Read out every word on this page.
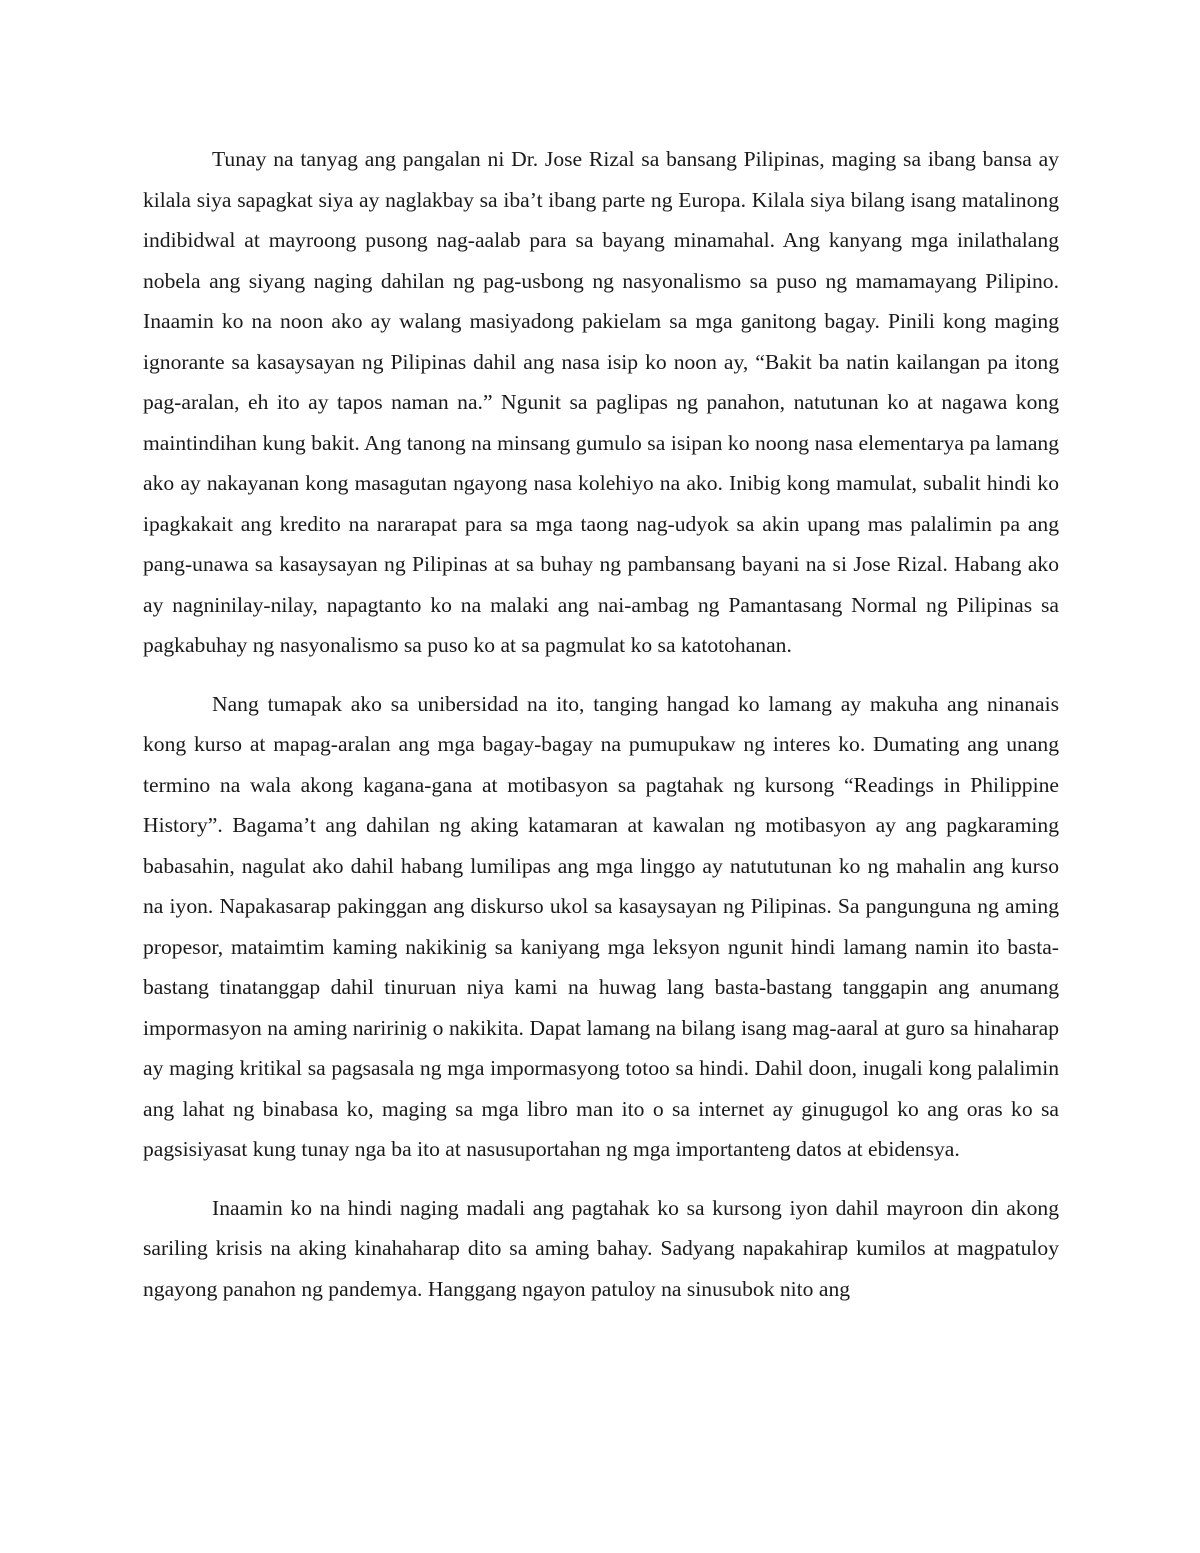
Tunay na tanyag ang pangalan ni Dr. Jose Rizal sa bansang Pilipinas, maging sa ibang bansa ay kilala siya sapagkat siya ay naglakbay sa iba’t ibang parte ng Europa. Kilala siya bilang isang matalinong indibidwal at mayroong pusong nag-aalab para sa bayang minamahal. Ang kanyang mga inilathalang nobela ang siyang naging dahilan ng pag-usbong ng nasyonalismo sa puso ng mamamayang Pilipino. Inaamin ko na noon ako ay walang masiyadong pakielam sa mga ganitong bagay. Pinili kong maging ignorante sa kasaysayan ng Pilipinas dahil ang nasa isip ko noon ay, “Bakit ba natin kailangan pa itong pag-aralan, eh ito ay tapos naman na.” Ngunit sa paglipas ng panahon, natutunan ko at nagawa kong maintindihan kung bakit. Ang tanong na minsang gumulo sa isipan ko noong nasa elementarya pa lamang ako ay nakayanan kong masagutan ngayong nasa kolehiyo na ako. Inibig kong mamulat, subalit hindi ko ipagkakait ang kredito na nararapat para sa mga taong nag-udyok sa akin upang mas palalimin pa ang pang-unawa sa kasaysayan ng Pilipinas at sa buhay ng pambansang bayani na si Jose Rizal. Habang ako ay nagninilay-nilay, napagtanto ko na malaki ang nai-ambag ng Pamantasang Normal ng Pilipinas sa pagkabuhay ng nasyonalismo sa puso ko at sa pagmulat ko sa katotohanan.

Nang tumapak ako sa unibersidad na ito, tanging hangad ko lamang ay makuha ang ninanais kong kurso at mapag-aralan ang mga bagay-bagay na pumupukaw ng interes ko. Dumating ang unang termino na wala akong kagana-gana at motibasyon sa pagtahak ng kursong “Readings in Philippine History”. Bagama’t ang dahilan ng aking katamaran at kawalan ng motibasyon ay ang pagkaraming babasahin, nagulat ako dahil habang lumilipas ang mga linggo ay natututunan ko ng mahalin ang kurso na iyon. Napakasarap pakinggan ang diskurso ukol sa kasaysayan ng Pilipinas. Sa pangunguna ng aming propesor, mataimtim kaming nakikinig sa kaniyang mga leksyon ngunit hindi lamang namin ito basta-bastang tinatanggap dahil tinuruan niya kami na huwag lang basta-bastang tanggapin ang anumang impormasyon na aming naririnig o nakikita. Dapat lamang na bilang isang mag-aaral at guro sa hinaharap ay maging kritikal sa pagsasala ng mga impormasyong totoo sa hindi. Dahil doon, inugali kong palalimin ang lahat ng binabasa ko, maging sa mga libro man ito o sa internet ay ginugugol ko ang oras ko sa pagsisiyasat kung tunay nga ba ito at nasusuportahan ng mga importanteng datos at ebidensya.

Inaamin ko na hindi naging madali ang pagtahak ko sa kursong iyon dahil mayroon din akong sariling krisis na aking kinahaharap dito sa aming bahay. Sadyang napakahirap kumilos at magpatuloy ngayong panahon ng pandemya. Hanggang ngayon patuloy na sinusubok nito ang
